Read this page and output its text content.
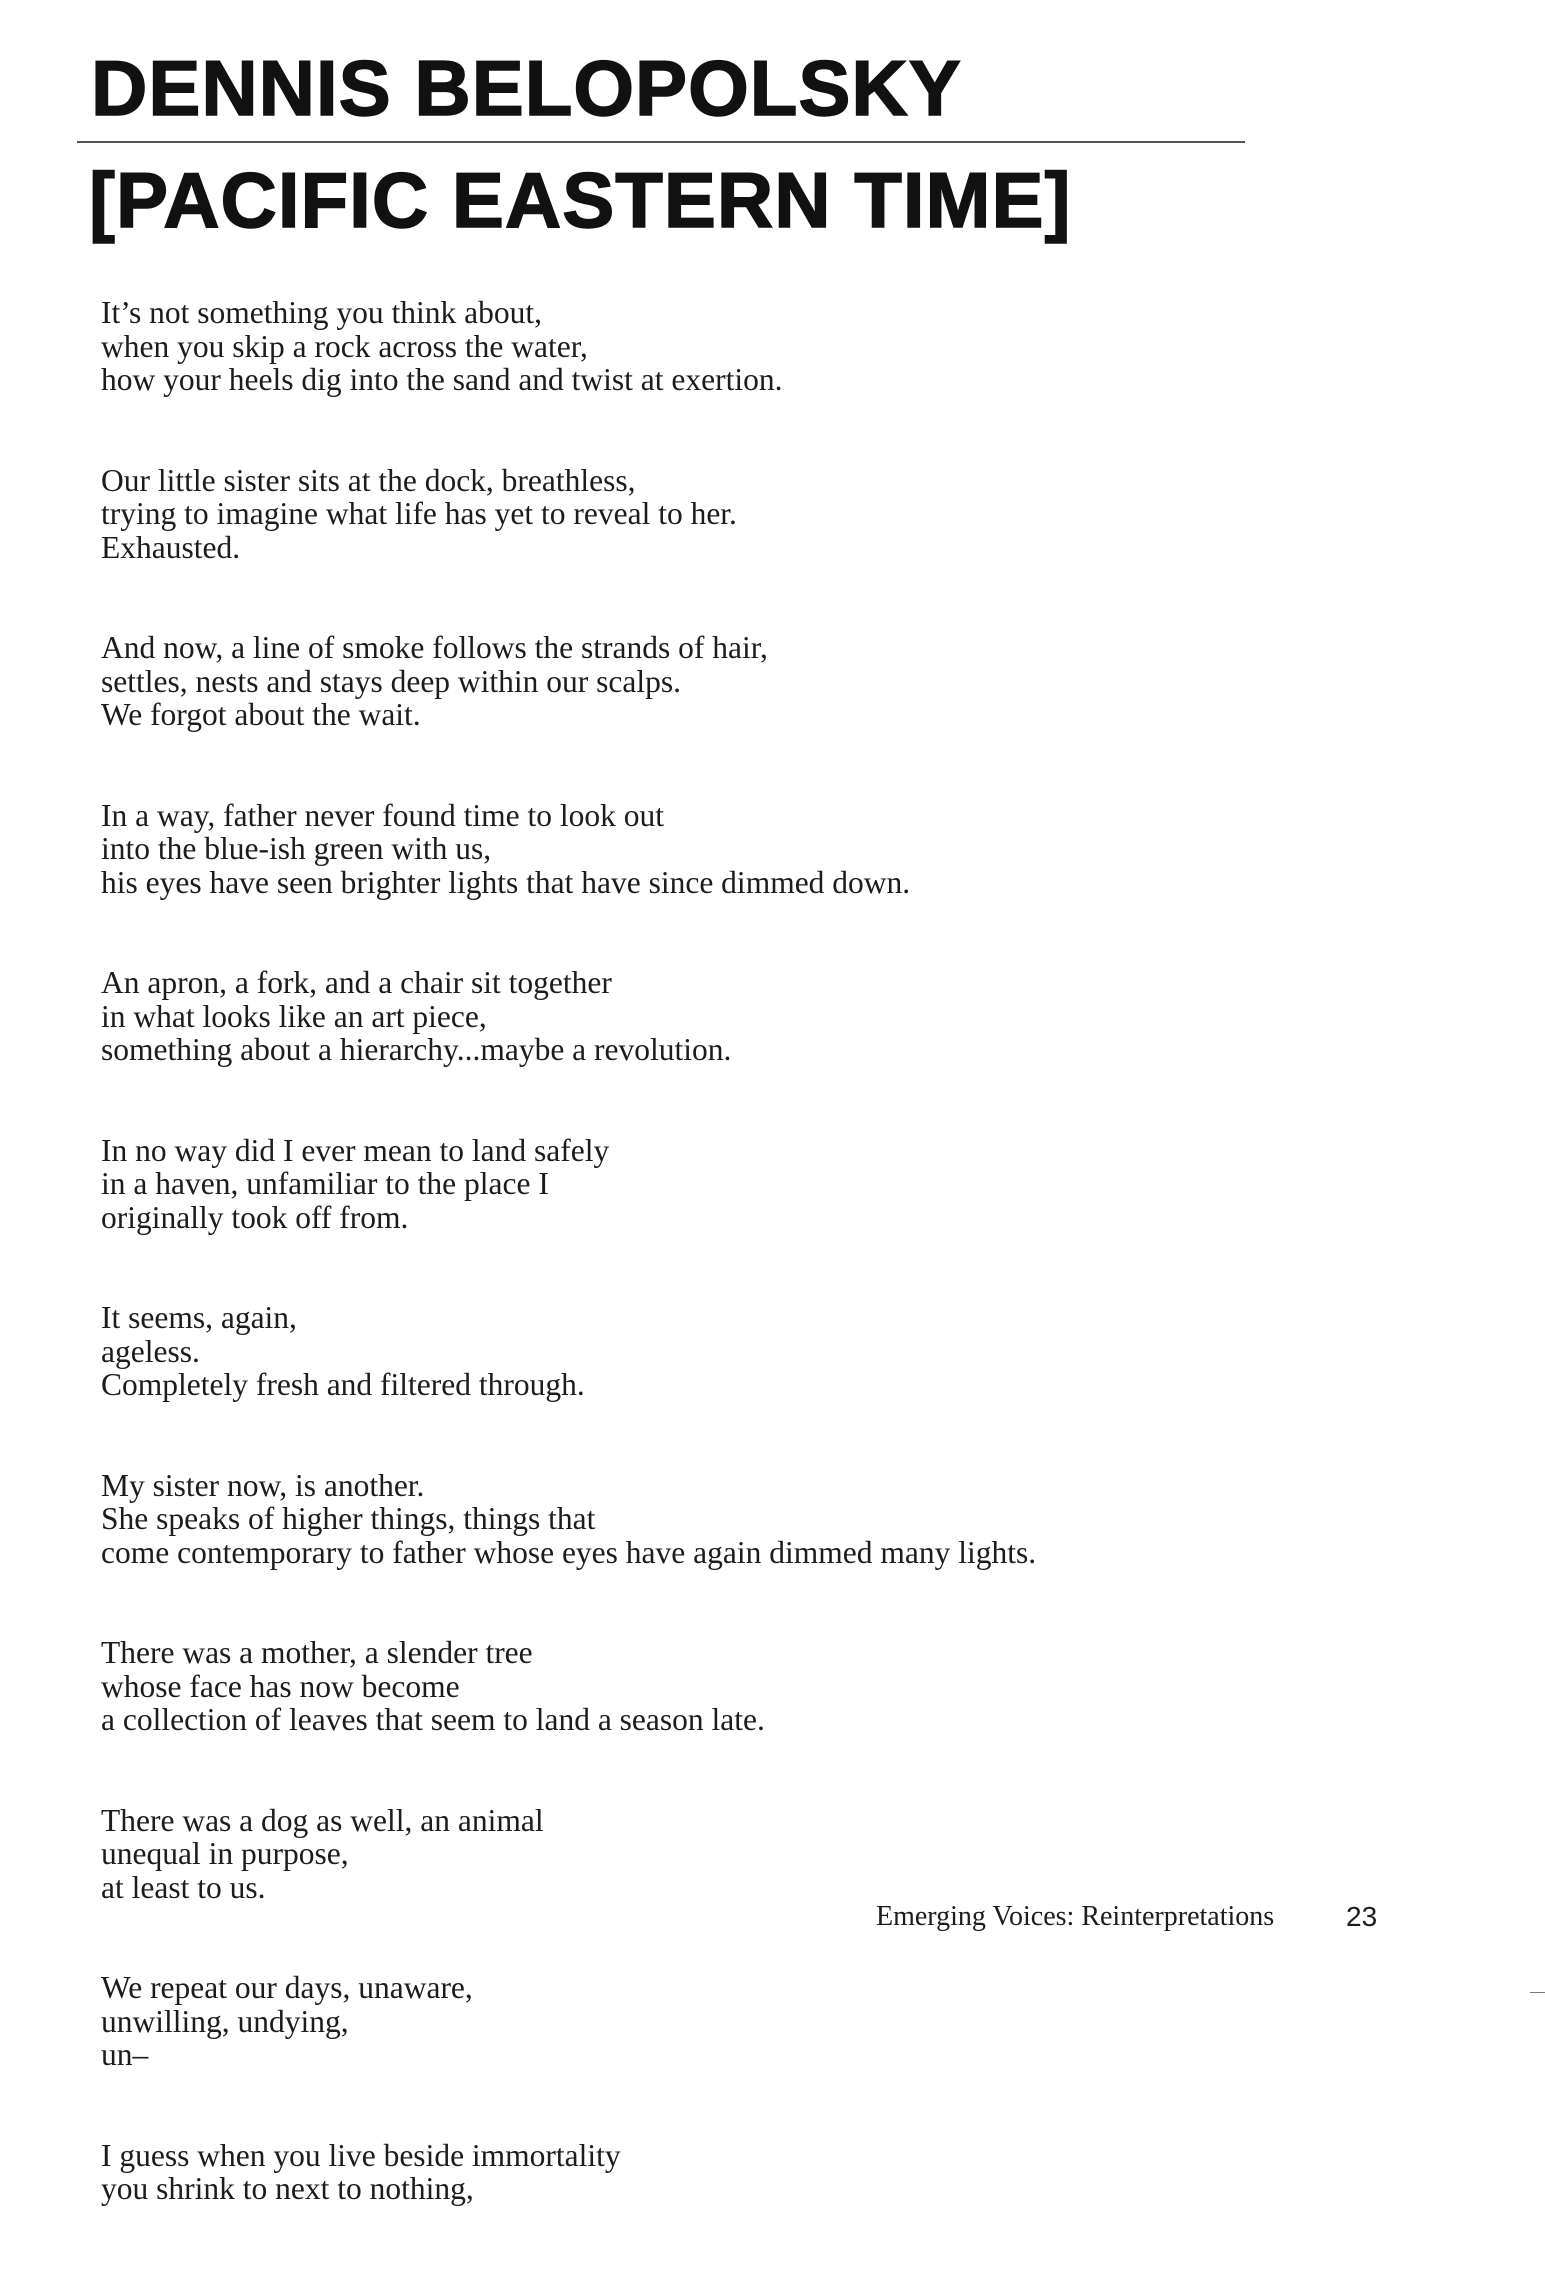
DENNIS BELOPOLSKY
[PACIFIC EASTERN TIME]

It’s not something you think about,
when you skip a rock across the water,
how your heels dig into the sand and twist at exertion.

Our little sister sits at the dock, breathless,
trying to imagine what life has yet to reveal to her.
Exhausted.

And now, a line of smoke follows the strands of hair,
settles, nests and stays deep within our scalps.
We forgot about the wait.

In a way, father never found time to look out
into the blue-ish green with us,
his eyes have seen brighter lights that have since dimmed down.

An apron, a fork, and a chair sit together
in what looks like an art piece,
something about a hierarchy...maybe a revolution.

In no way did I ever mean to land safely
in a haven, unfamiliar to the place I
originally took off from.

It seems, again,
ageless.
Completely fresh and filtered through.

My sister now, is another.
She speaks of higher things, things that
come contemporary to father whose eyes have again dimmed many lights.

There was a mother, a slender tree
whose face has now become
a collection of leaves that seem to land a season late.

There was a dog as well, an animal
unequal in purpose,
at least to us.

We repeat our days, unaware,
unwilling, undying,
un–

I guess when you live beside immortality
you shrink to next to nothing,

Emerging Voices: Reinterpretations	23
